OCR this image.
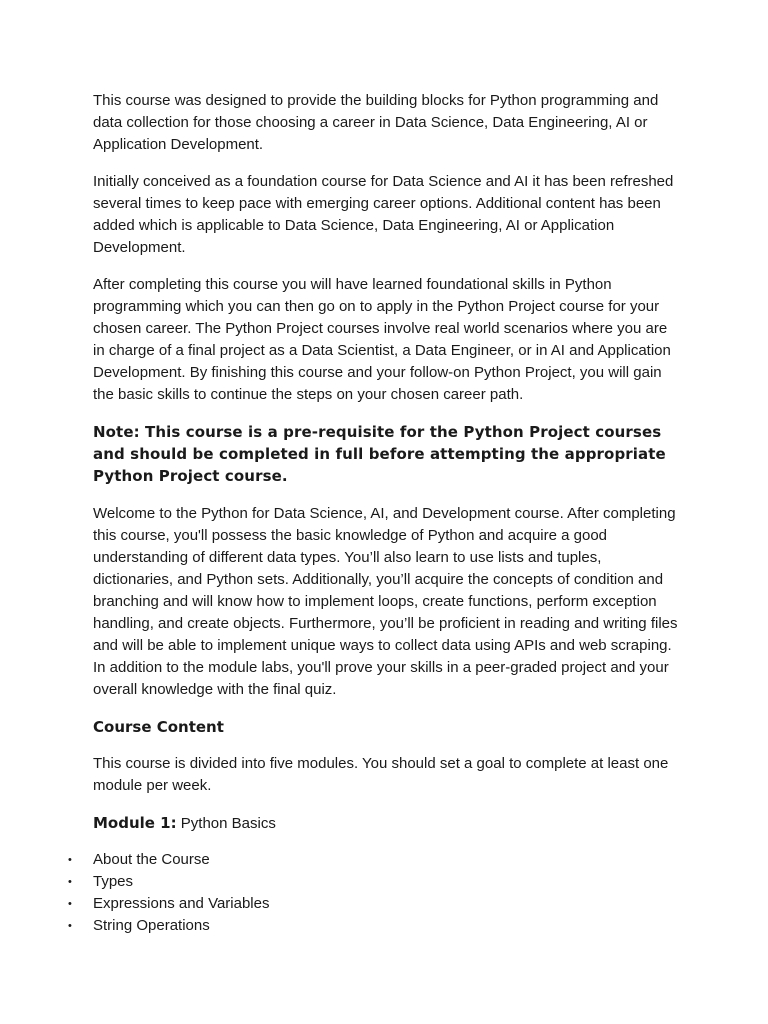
This course was designed to provide the building blocks for Python programming and data collection for those choosing a career in Data Science, Data Engineering, AI or Application Development.

Initially conceived as a foundation course for Data Science and AI it has been refreshed several times to keep pace with emerging career options. Additional content has been added which is applicable to Data Science, Data Engineering, AI or Application Development.

After completing this course you will have learned foundational skills in Python programming which you can then go on to apply in the Python Project course for your chosen career. The Python Project courses involve real world scenarios where you are in charge of a final project as a Data Scientist, a Data Engineer, or in AI and Application Development. By finishing this course and your follow-on Python Project, you will gain the basic skills to continue the steps on your chosen career path.

Note: This course is a pre-requisite for the Python Project courses and should be completed in full before attempting the appropriate Python Project course.

Welcome to the Python for Data Science, AI, and Development course. After completing this course, you'll possess the basic knowledge of Python and acquire a good understanding of different data types. You’ll also learn to use lists and tuples, dictionaries, and Python sets. Additionally, you’ll acquire the concepts of condition and branching and will know how to implement loops, create functions, perform exception handling, and create objects. Furthermore, you’ll be proficient in reading and writing files and will be able to implement unique ways to collect data using APIs and web scraping. In addition to the module labs, you'll prove your skills in a peer-graded project and your overall knowledge with the final quiz.

Course Content

This course is divided into five modules. You should set a goal to complete at least one module per week.

Module 1: Python Basics

• About the Course
• Types
• Expressions and Variables
• String Operations
